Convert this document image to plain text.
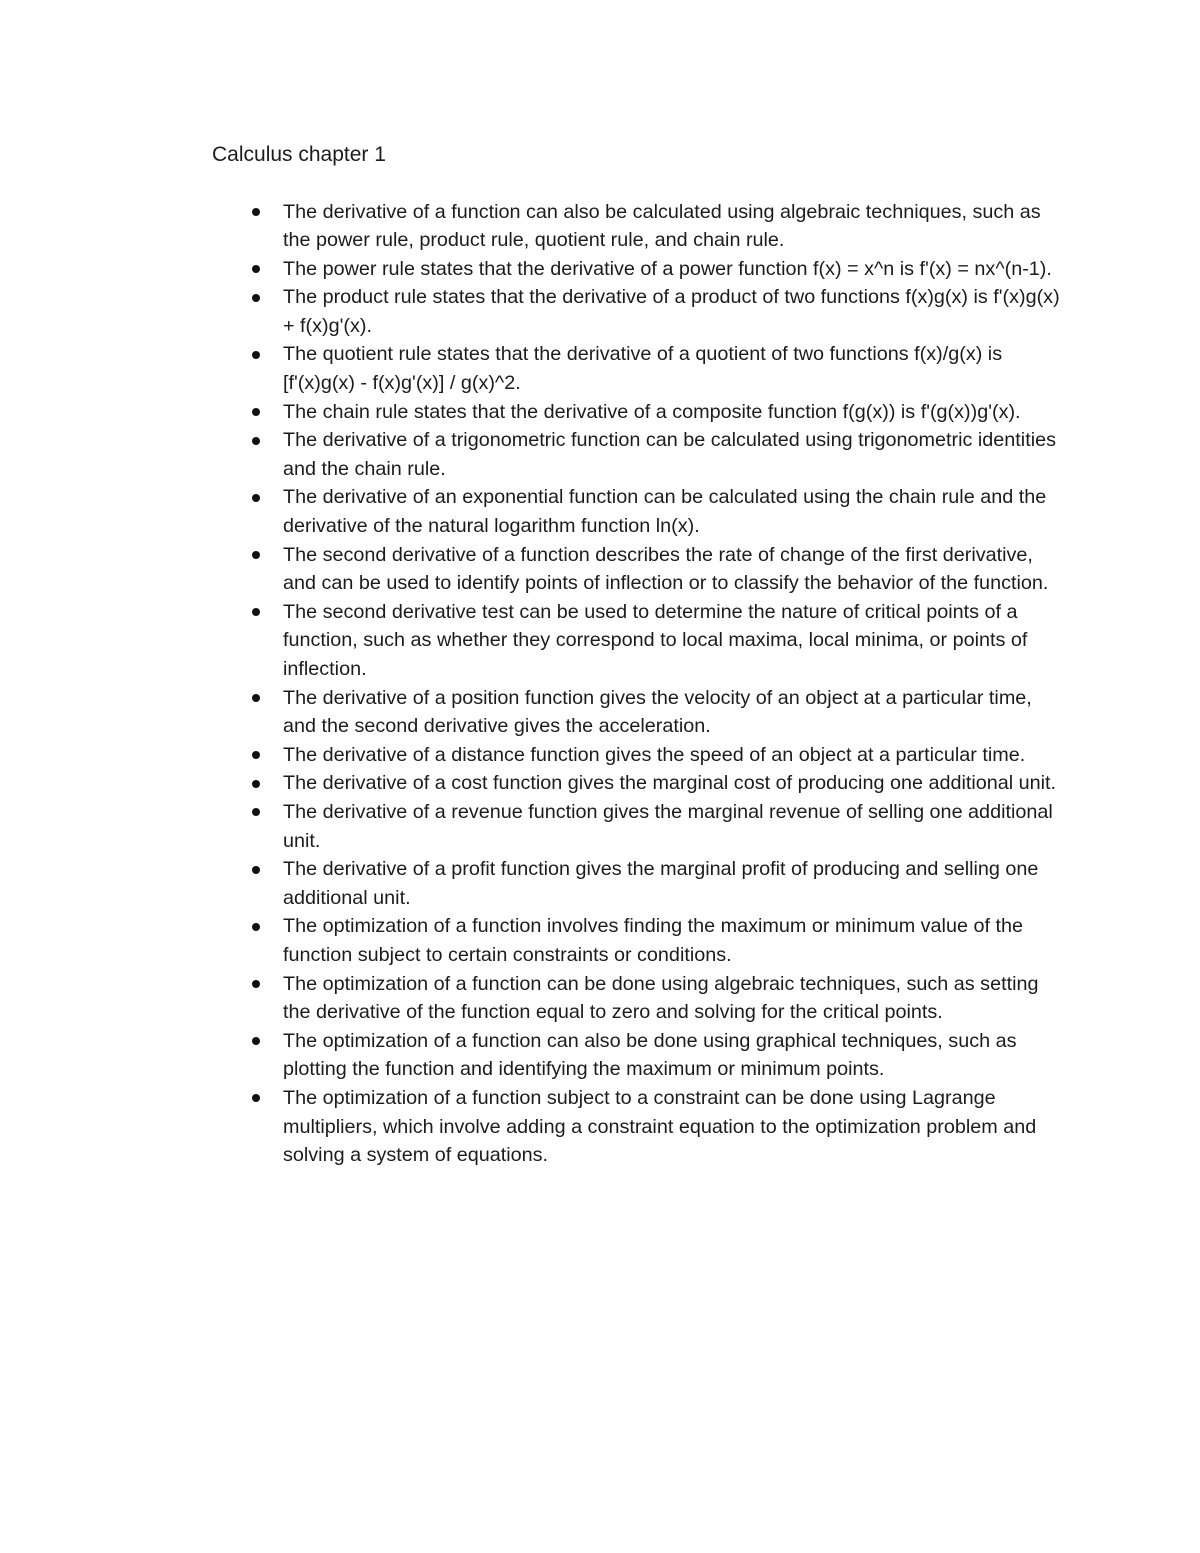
Calculus chapter 1
The derivative of a function can also be calculated using algebraic techniques, such as the power rule, product rule, quotient rule, and chain rule.
The power rule states that the derivative of a power function f(x) = x^n is f'(x) = nx^(n-1).
The product rule states that the derivative of a product of two functions f(x)g(x) is f'(x)g(x) + f(x)g'(x).
The quotient rule states that the derivative of a quotient of two functions f(x)/g(x) is [f'(x)g(x) - f(x)g'(x)] / g(x)^2.
The chain rule states that the derivative of a composite function f(g(x)) is f'(g(x))g'(x).
The derivative of a trigonometric function can be calculated using trigonometric identities and the chain rule.
The derivative of an exponential function can be calculated using the chain rule and the derivative of the natural logarithm function ln(x).
The second derivative of a function describes the rate of change of the first derivative, and can be used to identify points of inflection or to classify the behavior of the function.
The second derivative test can be used to determine the nature of critical points of a function, such as whether they correspond to local maxima, local minima, or points of inflection.
The derivative of a position function gives the velocity of an object at a particular time, and the second derivative gives the acceleration.
The derivative of a distance function gives the speed of an object at a particular time.
The derivative of a cost function gives the marginal cost of producing one additional unit.
The derivative of a revenue function gives the marginal revenue of selling one additional unit.
The derivative of a profit function gives the marginal profit of producing and selling one additional unit.
The optimization of a function involves finding the maximum or minimum value of the function subject to certain constraints or conditions.
The optimization of a function can be done using algebraic techniques, such as setting the derivative of the function equal to zero and solving for the critical points.
The optimization of a function can also be done using graphical techniques, such as plotting the function and identifying the maximum or minimum points.
The optimization of a function subject to a constraint can be done using Lagrange multipliers, which involve adding a constraint equation to the optimization problem and solving a system of equations.
